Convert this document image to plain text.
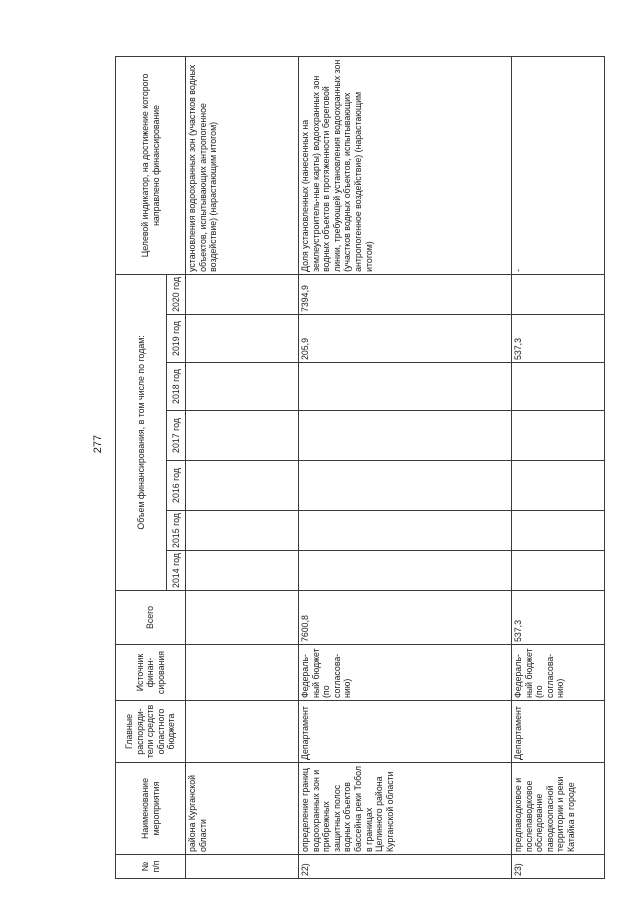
277
№ п/п	Наименование мероприятия	Главные распоряди-тели средств областного бюджета	Источник финан-сирования	Всего	Объем финансирования, в том числе по годам:							Целевой индикатор, на достижение которого направлено финансирование
					2014 год	2015 год	2016 год	2017 год	2018 год	2019 год	2020 год	
	района Курганской области											установления водоохранных зон (участков водных объектов, испытывающих антропогенное воздействие) (нарастающим итогом)
22)	определение границ водоохранных зон и прибрежных защитных полос водных объектов бассейна реки Тобол в границах Целинного района Курганской области	Департамент	Федераль-ный бюджет (по согласова-нию)	7600,8						205,9	7394,9	Доля установленных (нанесенных на землеустроитель-ные карты) водоохранных зон водных объектов в протяженности береговой линии, требующей установления водоохранных зон (участков водных объектов, испытывающих антропогенное воздействие) (нарастающим итогом)
23)	предпаводковое и послепаводковое обследование паводкоопасной территории и реки Катайка в городе	Департамент	Федераль-ный бюджет (по согласова-нию)	537,3						537,3		-
